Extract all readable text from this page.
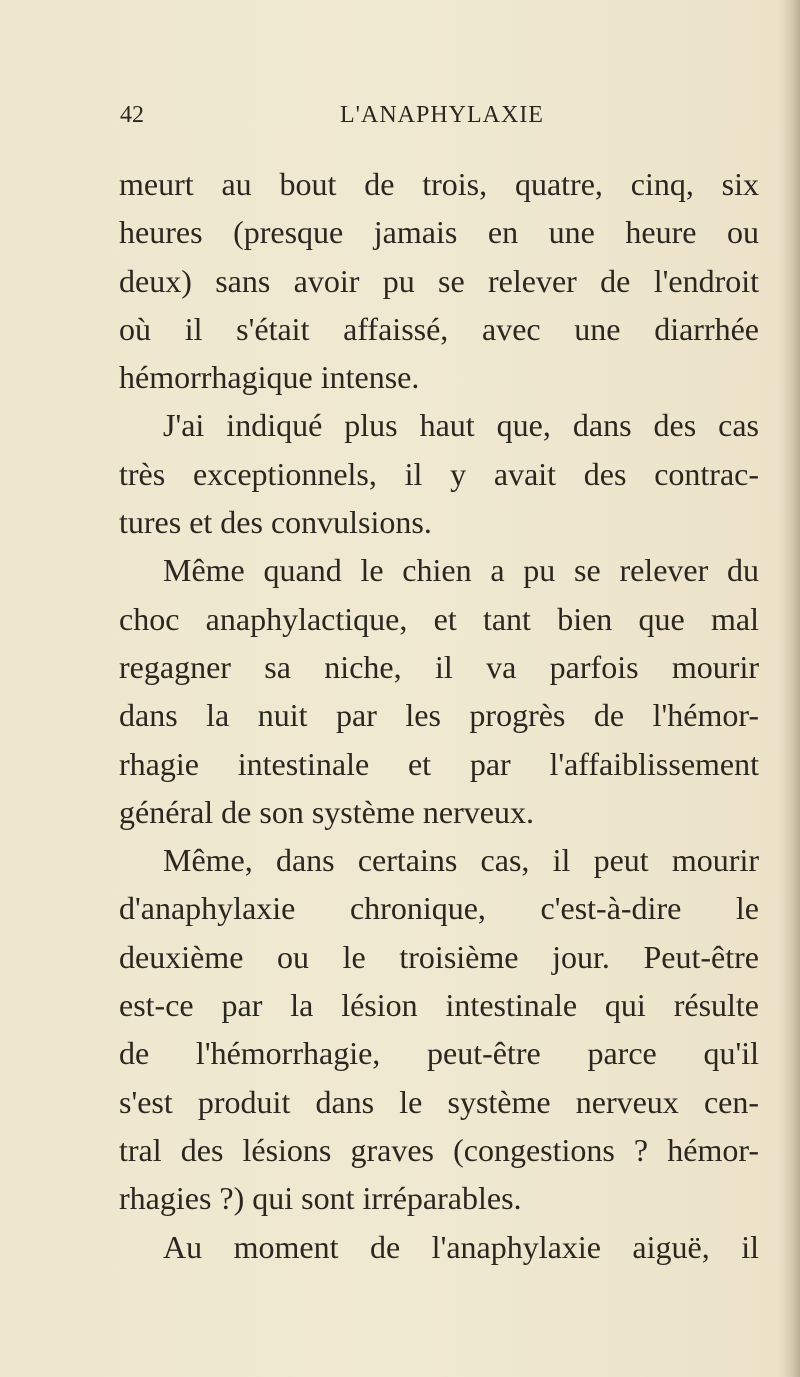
42	L'ANAPHYLAXIE
meurt au bout de trois, quatre, cinq, six
heures (presque jamais en une heure ou
deux) sans avoir pu se relever de l'endroit
où il s'était affaissé, avec une diarrhée
hémorrhagique intense.
J'ai indiqué plus haut que, dans des cas
très exceptionnels, il y avait des contrac-
tures et des convulsions.
Même quand le chien a pu se relever du
choc anaphylactique, et tant bien que mal
regagner sa niche, il va parfois mourir
dans la nuit par les progrès de l'hémor-
rhagie intestinale et par l'affaiblissement
général de son système nerveux.
Même, dans certains cas, il peut mourir
d'anaphylaxie chronique, c'est-à-dire le
deuxième ou le troisième jour. Peut-être
est-ce par la lésion intestinale qui résulte
de l'hémorrhagie, peut-être parce qu'il
s'est produit dans le système nerveux cen-
tral des lésions graves (congestions ? hémor-
rhagies ?) qui sont irréparables.
Au moment de l'anaphylaxie aiguë, il
